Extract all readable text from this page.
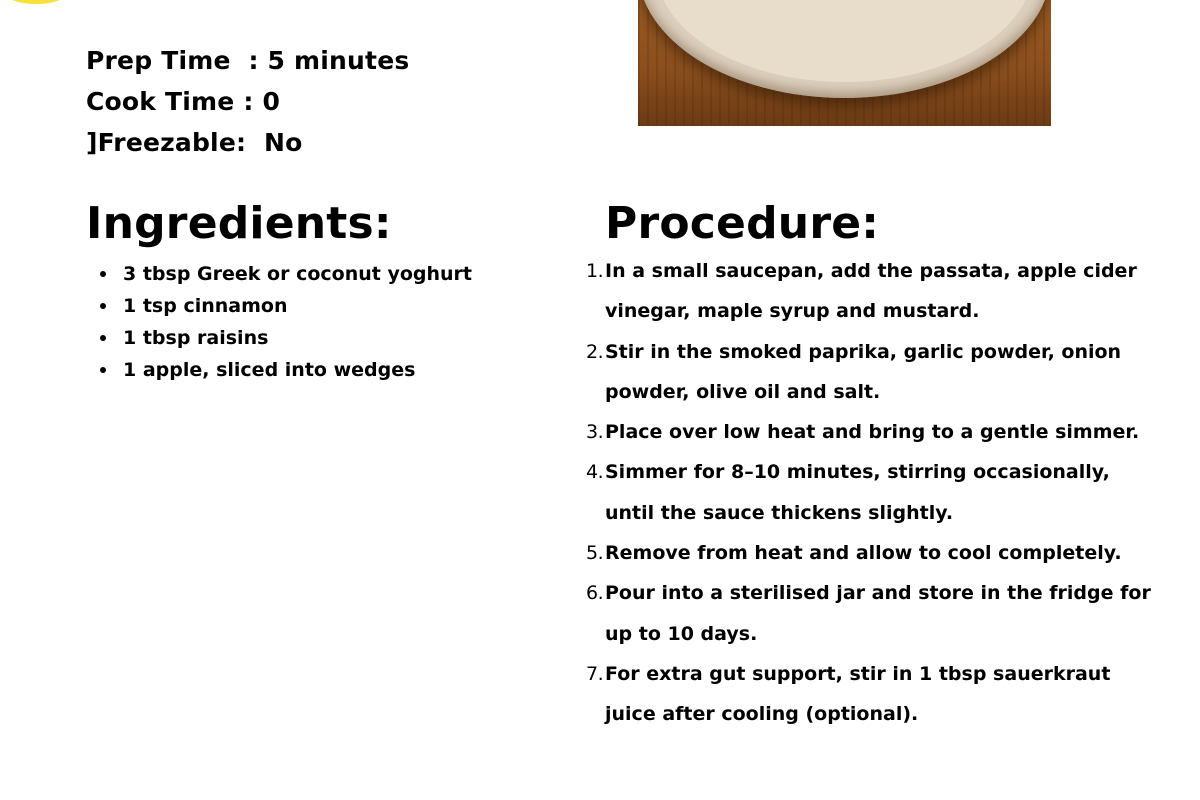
Prep Time  : 5 minutes
Cook Time : 0
]Freezable:  No
Ingredients:
3 tbsp Greek or coconut yoghurt
1 tsp cinnamon
1 tbsp raisins
1 apple, sliced into wedges
Procedure:
1. In a small saucepan, add the passata, apple cider vinegar, maple syrup and mustard.
2. Stir in the smoked paprika, garlic powder, onion powder, olive oil and salt.
3. Place over low heat and bring to a gentle simmer.
4. Simmer for 8–10 minutes, stirring occasionally, until the sauce thickens slightly.
5. Remove from heat and allow to cool completely.
6. Pour into a sterilised jar and store in the fridge for up to 10 days.
7. For extra gut support, stir in 1 tbsp sauerkraut juice after cooling (optional).
